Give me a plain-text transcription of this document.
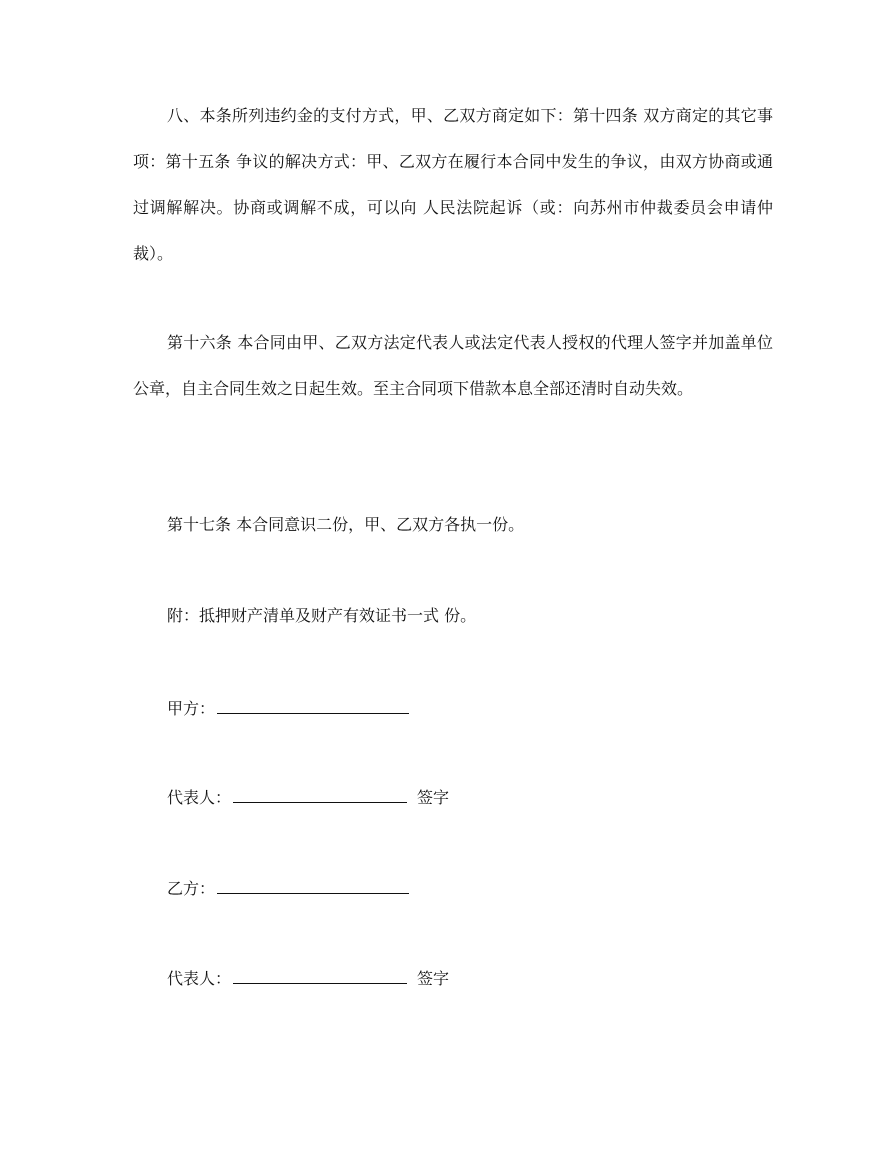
八、本条所列违约金的支付方式，甲、乙双方商定如下：第十四条 双方商定的其它事项：第十五条 争议的解决方式：甲、乙双方在履行本合同中发生的争议，由双方协商或通过调解解决。协商或调解不成，可以向 人民法院起诉（或：向苏州市仲裁委员会申请仲裁）。

第十六条 本合同由甲、乙双方法定代表人或法定代表人授权的代理人签字并加盖单位公章，自主合同生效之日起生效。至主合同项下借款本息全部还清时自动失效。

第十七条 本合同意识二份，甲、乙双方各执一份。

附：抵押财产清单及财产有效证书一式 份。

甲方：
代表人：	签字
乙方：
代表人：	签字
